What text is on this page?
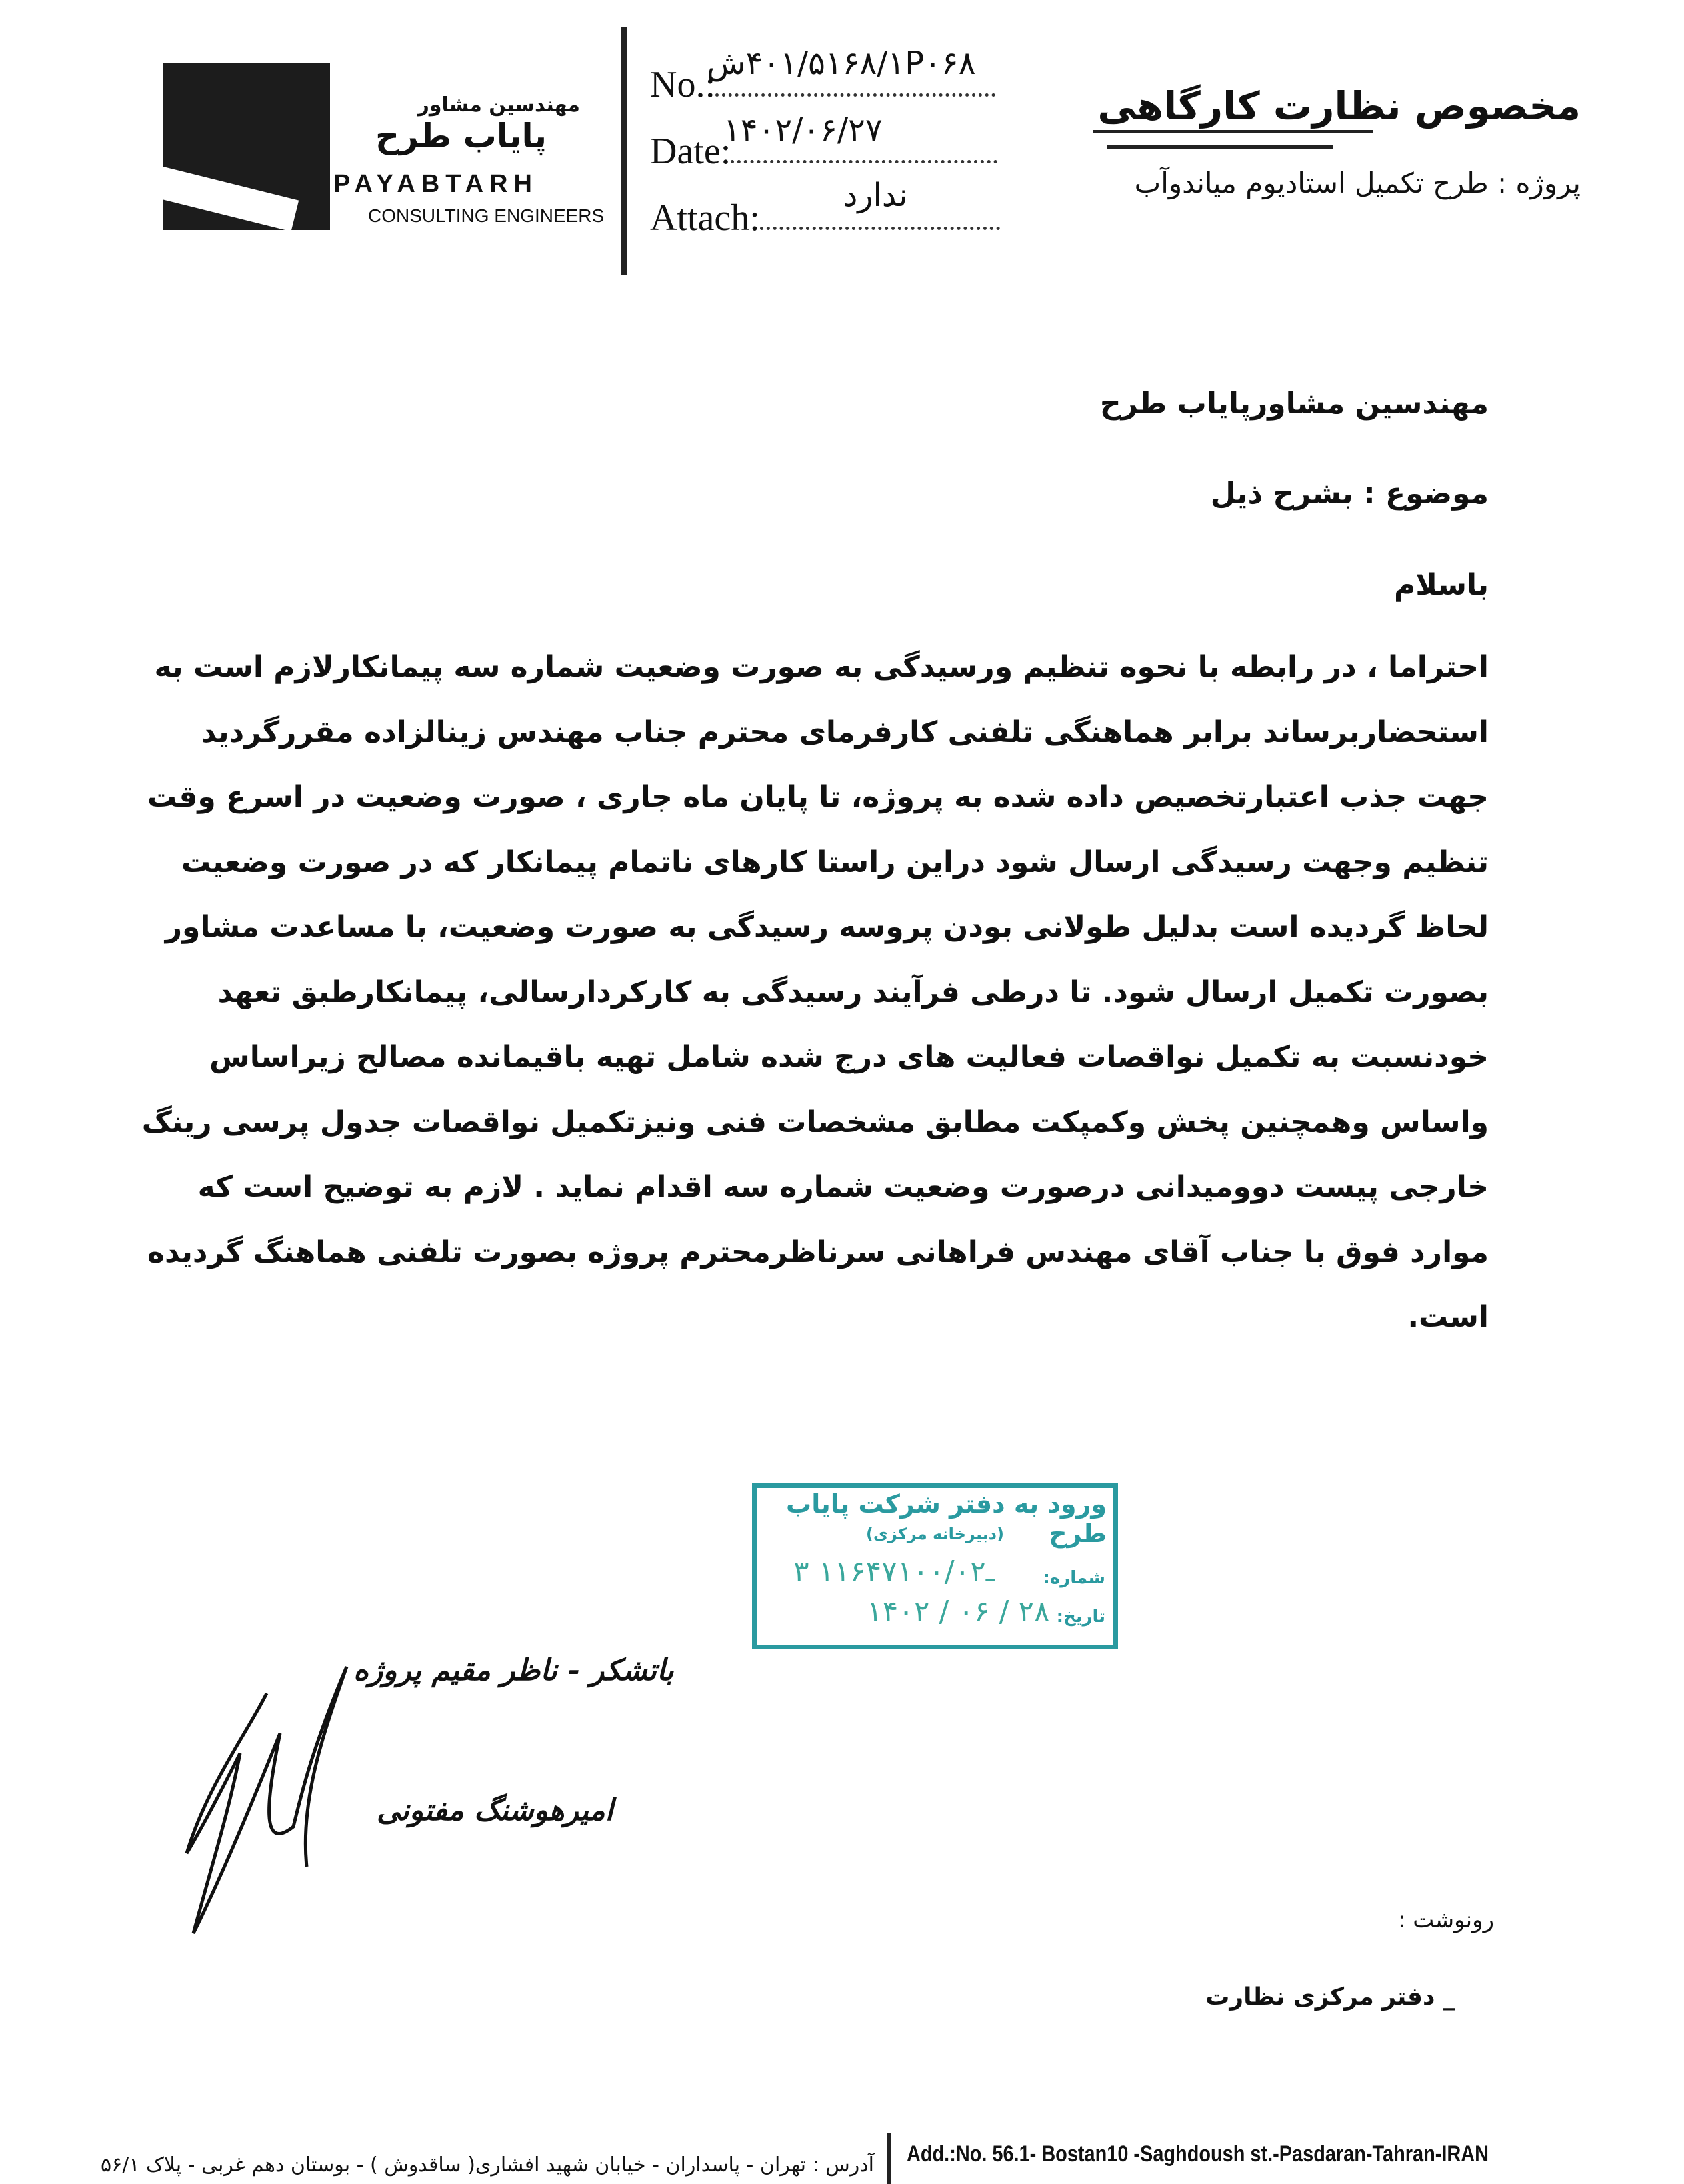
مهندسین مشاور
پایاب طرح
PAYABTARH
CONSULTING ENGINEERS
No.:
۴۰۱/۵۱۶۸/۱P۰۶۸ش
Date:
۱۴۰۲/۰۶/۲۷
Attach:
ندارد
مخصوص نظارت کارگاهی
پروژه : طرح تکمیل استادیوم میاندوآب
مهندسین مشاورپایاب طرح
موضوع : بشرح ذیل
باسلام
احتراما ، در رابطه با نحوه تنظیم ورسیدگی به صورت وضعیت شماره سه پیمانکارلازم است به
استحضاربرساند برابر هماهنگی تلفنی کارفرمای محترم جناب مهندس زینالزاده مقررگردید
جهت جذب اعتبارتخصیص داده شده به پروژه، تا پایان ماه جاری ، صورت وضعیت در اسرع وقت
تنظیم وجهت رسیدگی ارسال شود دراین راستا کارهای ناتمام پیمانکار که در صورت وضعیت
لحاظ گردیده است بدلیل طولانی بودن پروسه رسیدگی به صورت وضعیت، با مساعدت مشاور
بصورت تکمیل ارسال شود. تا درطی فرآیند رسیدگی به کارکردارسالی، پیمانکارطبق تعهد
خودنسبت به تکمیل نواقصات فعالیت های درج شده شامل تهیه باقیمانده مصالح زیراساس
واساس وهمچنین پخش وکمپکت مطابق مشخصات فنی ونیزتکمیل نواقصات جدول پرسی رینگ
خارجی پیست دووميدانی درصورت وضعیت شماره سه اقدام نماید . لازم به توضیح است که
موارد فوق با جناب آقای مهندس فراهانی سرناظرمحترم پروژه بصورت تلفنی هماهنگ گردیده
است.
ورود به دفتر شرکت پایاب طرح
(دبیرخانه مرکزی)
شماره:
۳ ۱۱۶۴۷ـ۱۰۰/۰۲
تاریخ:
۱۴۰۲ / ۰۶ / ۲۸
باتشکر - ناظر مقیم پروژه
امیرهوشنگ مفتونی
رونوشت :
_ دفتر مرکزی نظارت
Add.:No. 56.1- Bostan10 -Saghdoush st.-Pasdaran-Tahran-IRAN
آدرس : تهران - پاسداران - خیابان شهید افشاری( ساقدوش ) - بوستان دهم غربی - پلاک ۵۶/۱
